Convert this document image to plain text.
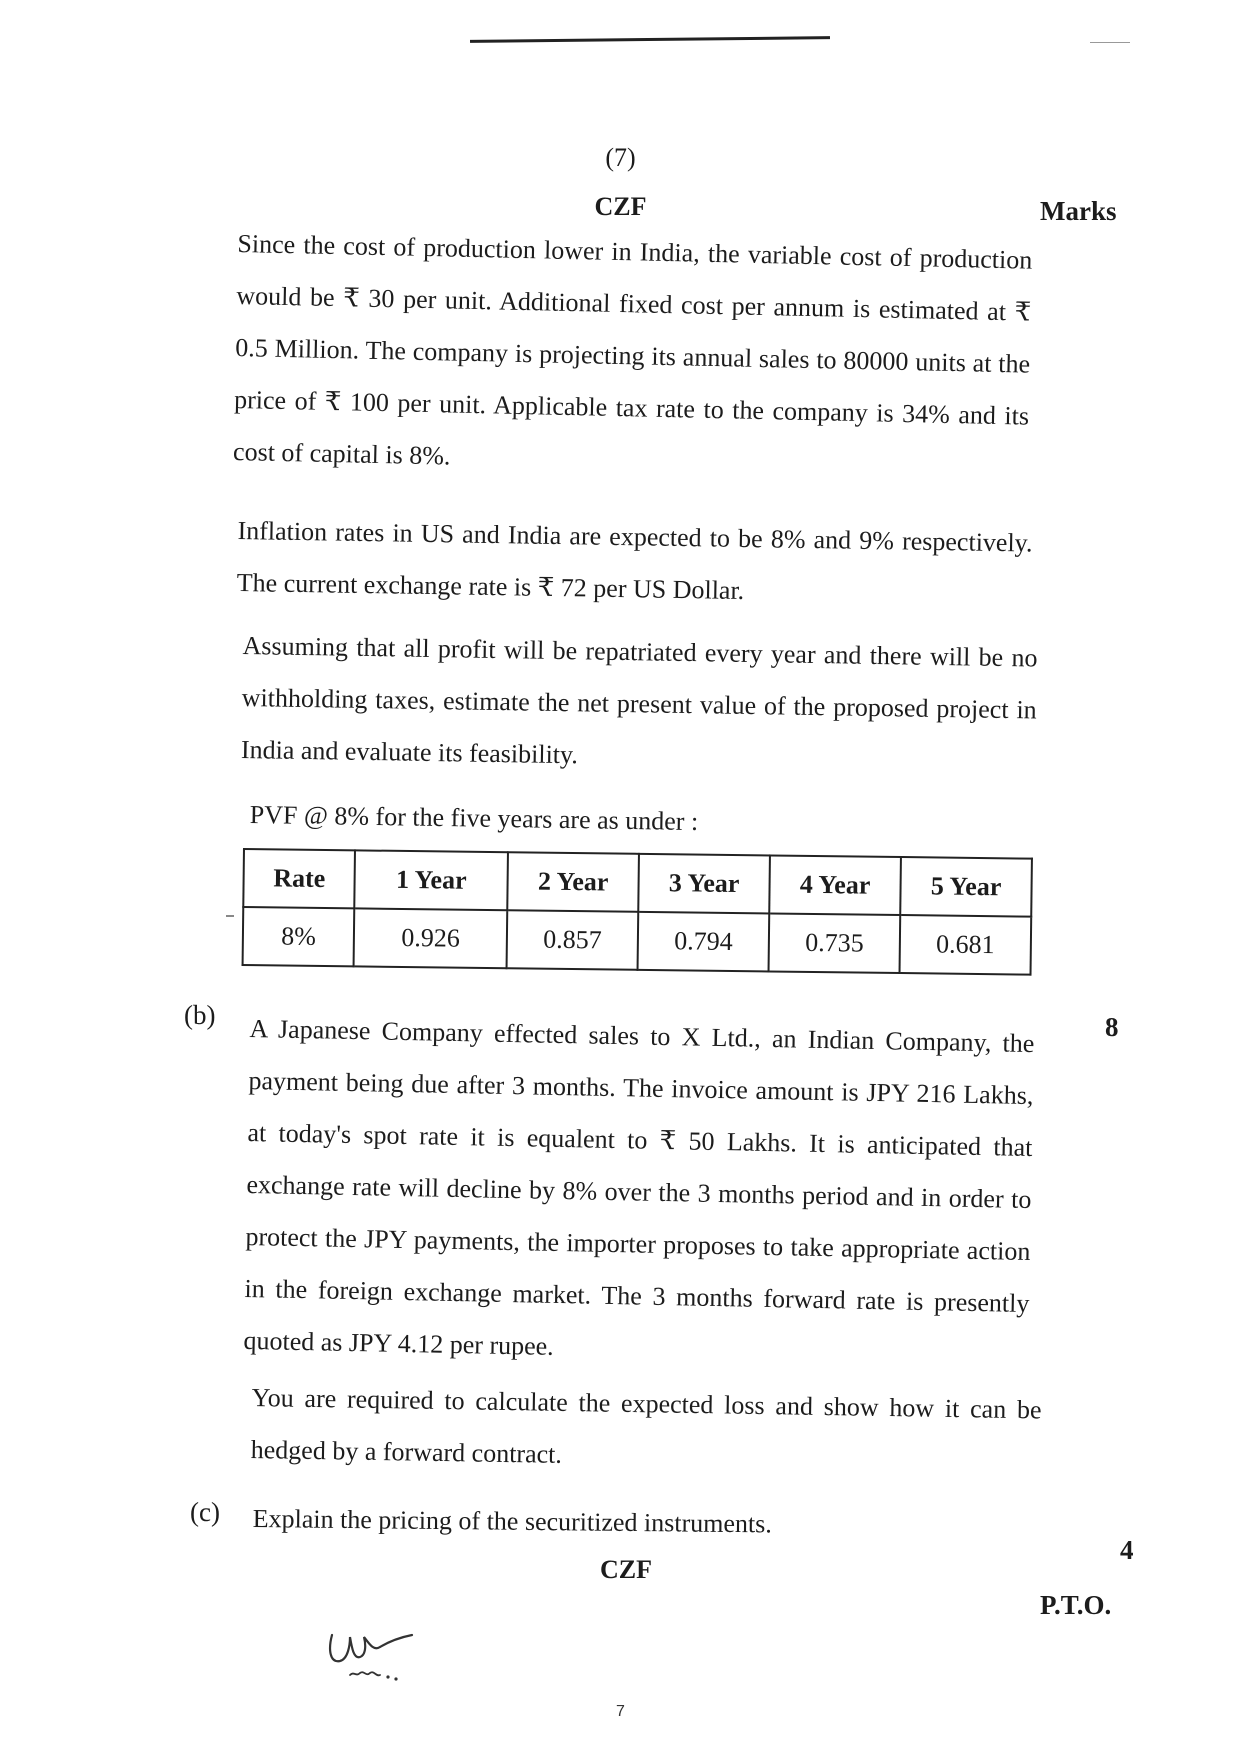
(7)
CZF	Marks

Since the cost of production lower in India, the variable cost of production would be ₹ 30 per unit. Additional fixed cost per annum is estimated at ₹ 0.5 Million. The company is projecting its annual sales to 80000 units at the price of ₹ 100 per unit. Applicable tax rate to the company is 34% and its cost of capital is 8%.

Inflation rates in US and India are expected to be 8% and 9% respectively. The current exchange rate is ₹ 72 per US Dollar.

Assuming that all profit will be repatriated every year and there will be no withholding taxes, estimate the net present value of the proposed project in India and evaluate its feasibility.

PVF @ 8% for the five years are as under :
Rate	1 Year	2 Year	3 Year	4 Year	5 Year
8%	0.926	0.857	0.794	0.735	0.681
(b)	8

A Japanese Company effected sales to X Ltd., an Indian Company, the payment being due after 3 months. The invoice amount is JPY 216 Lakhs, at today's spot rate it is equalent to ₹ 50 Lakhs. It is anticipated that exchange rate will decline by 8% over the 3 months period and in order to protect the JPY payments, the importer proposes to take appropriate action in the foreign exchange market. The 3 months forward rate is presently quoted as JPY 4.12 per rupee.

You are required to calculate the expected loss and show how it can be hedged by a forward contract.

(c) Explain the pricing of the securitized instruments.

4
CZF
P.T.O.
7
